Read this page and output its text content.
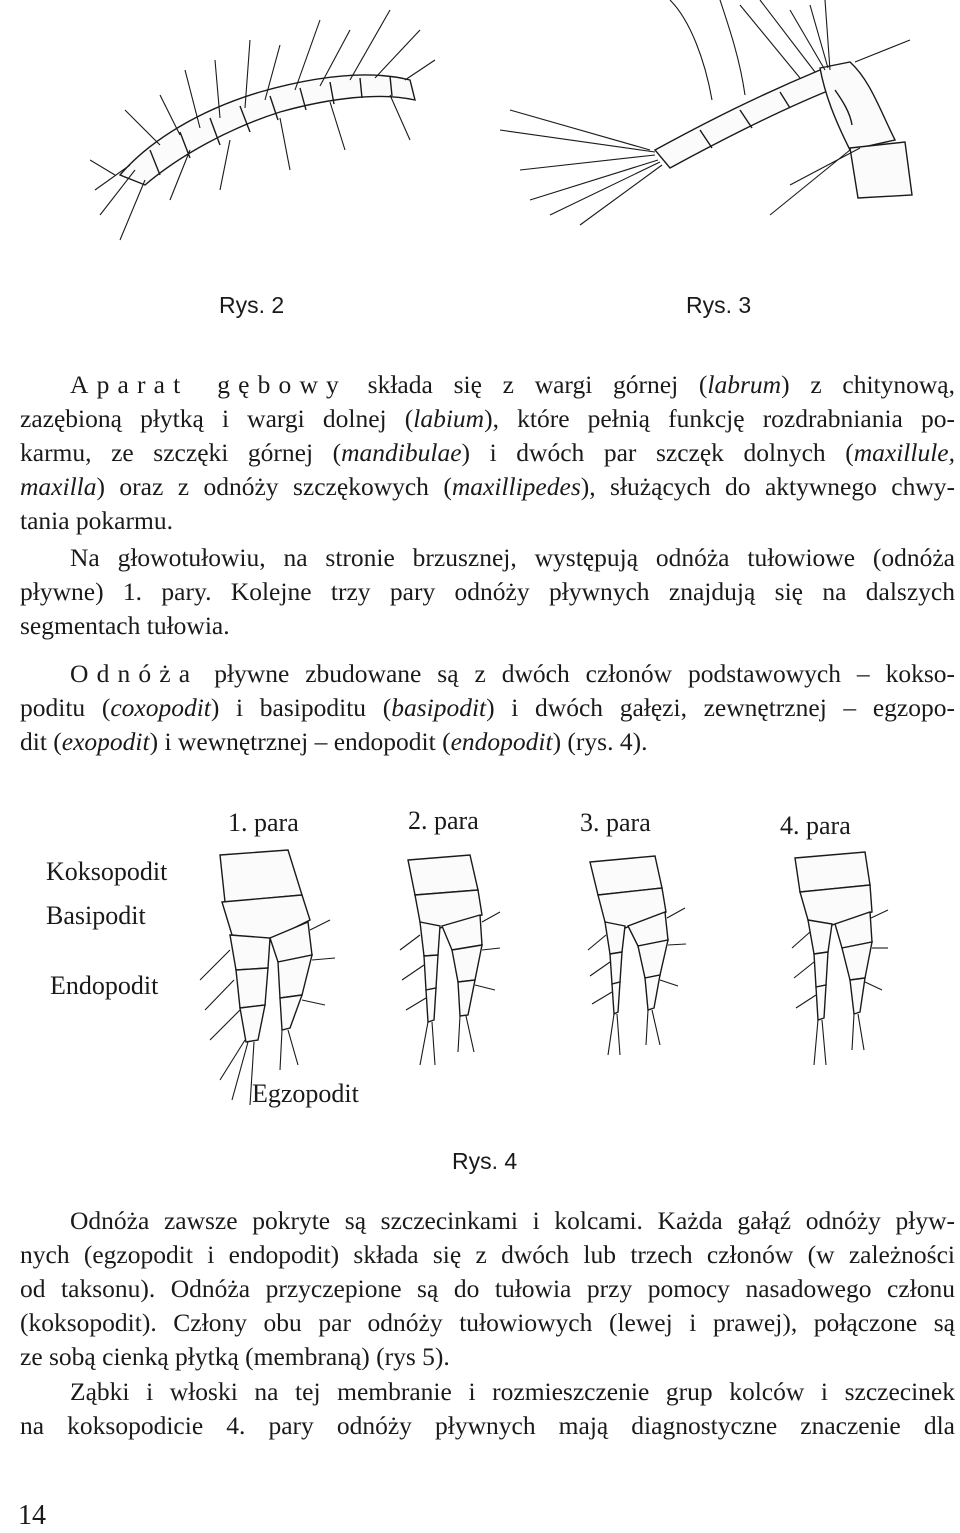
Rys. 2	Rys. 3
Aparat gębowy składa się z wargi górnej (labrum) z chitynową,
zazębioną płytką i wargi dolnej (labium), które pełnią funkcję rozdrabniania po-
karmu, ze szczęki górnej (mandibulae) i dwóch par szczęk dolnych (maxillule,
maxilla) oraz z odnóży szczękowych (maxillipedes), służących do aktywnego chwy-
tania pokarmu.
Na głowotułowiu, na stronie brzusznej, występują odnóża tułowiowe (odnóża
pływne) 1. pary. Kolejne trzy pary odnóży pływnych znajdują się na dalszych
segmentach tułowia.
Odnóża pływne zbudowane są z dwóch członów podstawowych – kokso-
poditu (coxopodit) i basipoditu (basipodit) i dwóch gałęzi, zewnętrznej – egzopo-
dit (exopodit) i wewnętrznej – endopodit (endopodit) (rys. 4).
1. para	2. para	3. para	4. para
Koksopodit
Basipodit
Endopodit
Egzopodit
Rys. 4
Odnóża zawsze pokryte są szczecinkami i kolcami. Każda gałąź odnóży pływ-
nych (egzopodit i endopodit) składa się z dwóch lub trzech członów (w zależności
od taksonu). Odnóża przyczepione są do tułowia przy pomocy nasadowego członu
(koksopodit). Człony obu par odnóży tułowiowych (lewej i prawej), połączone są
ze sobą cienką płytką (membraną) (rys 5).
Ząbki i włoski na tej membranie i rozmieszczenie grup kolców i szczecinek
na koksopodicie 4. pary odnóży pływnych mają diagnostyczne znaczenie dla
14
